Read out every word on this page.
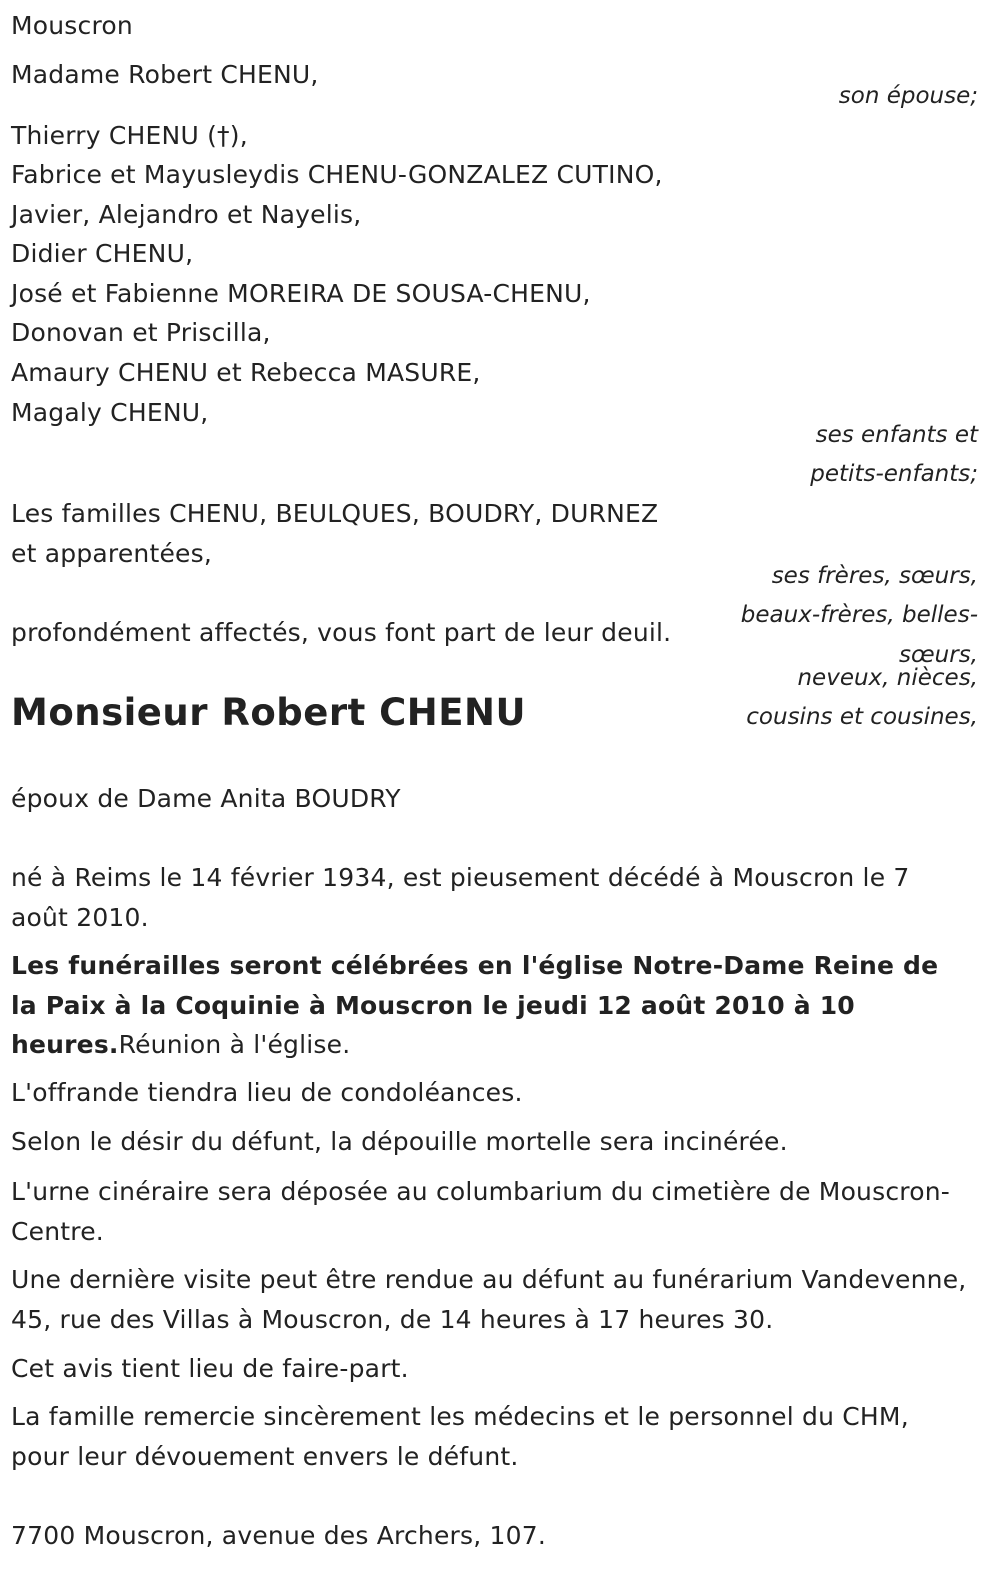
Mouscron

Madame Robert CHENU,

son épouse;

Thierry CHENU (†),

Fabrice et Mayusleydis CHENU-GONZALEZ CUTINO,

Javier, Alejandro et Nayelis,

Didier CHENU,

José et Fabienne MOREIRA DE SOUSA-CHENU,

Donovan et Priscilla,

Amaury CHENU et Rebecca MASURE,

Magaly CHENU,

ses enfants et

petits-enfants;

Les familles CHENU, BEULQUES, BOUDRY, DURNEZ

et apparentées,

ses frères, sœurs,

beaux-frères, belles-

sœurs,

profondément affectés, vous font part de leur deuil.

neveux, nièces,

cousins et cousines,

Monsieur Robert CHENU

époux de Dame Anita BOUDRY

né à Reims le 14 février 1934, est pieusement décédé à Mouscron le 7 août 2010.

Les funérailles seront célébrées en l'église Notre-Dame Reine de la Paix à la Coquinie à Mouscron le jeudi 12 août 2010 à 10 heures.Réunion à l'église.

L'offrande tiendra lieu de condoléances.

Selon le désir du défunt, la dépouille mortelle sera incinérée.

L'urne cinéraire sera déposée au columbarium du cimetière de Mouscron-Centre.

Une dernière visite peut être rendue au défunt au funérarium Vandevenne, 45, rue des Villas à Mouscron, de 14 heures à 17 heures 30.

Cet avis tient lieu de faire-part.

La famille remercie sincèrement les médecins et le personnel du CHM, pour leur dévouement envers le défunt.

7700 Mouscron, avenue des Archers, 107.
